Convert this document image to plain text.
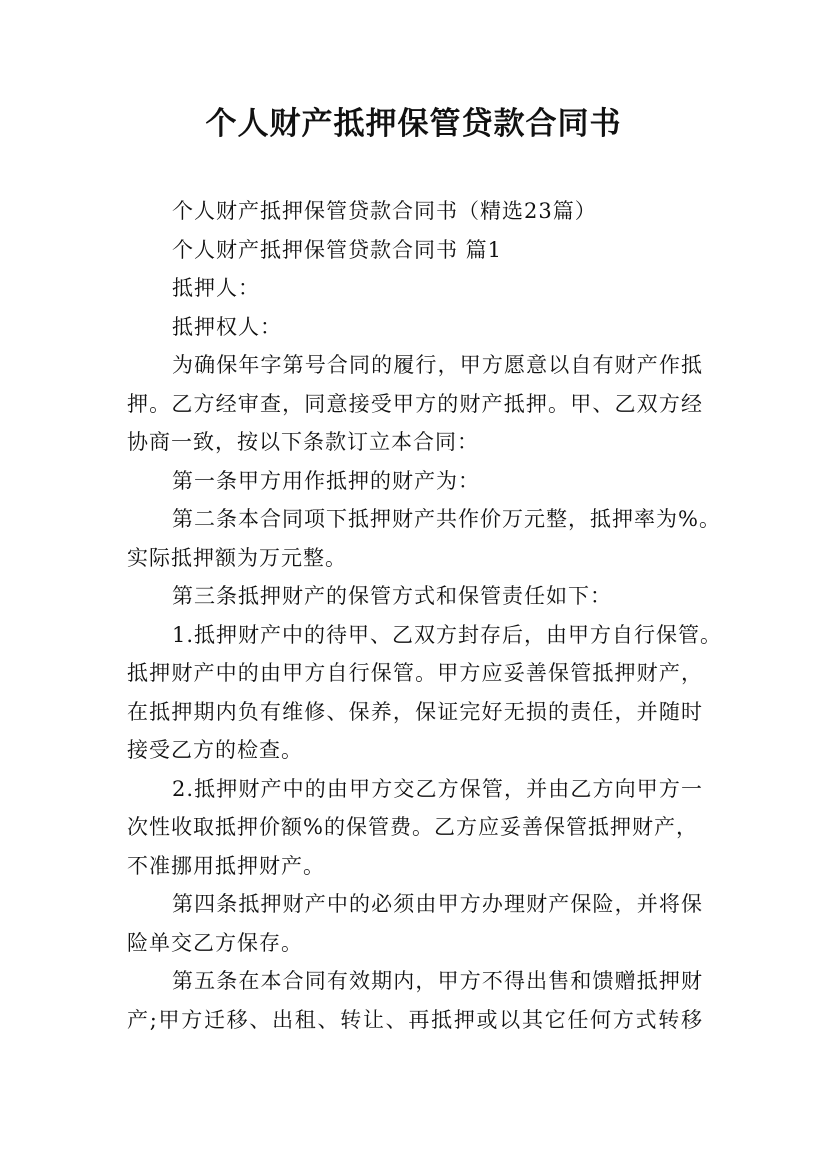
个人财产抵押保管贷款合同书
个人财产抵押保管贷款合同书（精选23篇）
个人财产抵押保管贷款合同书 篇1
抵押人：
抵押权人：
为确保年字第号合同的履行，甲方愿意以自有财产作抵
押。乙方经审查，同意接受甲方的财产抵押。甲、乙双方经
协商一致，按以下条款订立本合同：
第一条甲方用作抵押的财产为：
第二条本合同项下抵押财产共作价万元整，抵押率为%。
实际抵押额为万元整。
第三条抵押财产的保管方式和保管责任如下：
1.抵押财产中的待甲、乙双方封存后，由甲方自行保管。
抵押财产中的由甲方自行保管。甲方应妥善保管抵押财产，
在抵押期内负有维修、保养，保证完好无损的责任，并随时
接受乙方的检查。
2.抵押财产中的由甲方交乙方保管，并由乙方向甲方一
次性收取抵押价额%的保管费。乙方应妥善保管抵押财产，
不准挪用抵押财产。
第四条抵押财产中的必须由甲方办理财产保险，并将保
险单交乙方保存。
第五条在本合同有效期内，甲方不得出售和馈赠抵押财
产;甲方迁移、出租、转让、再抵押或以其它任何方式转移
